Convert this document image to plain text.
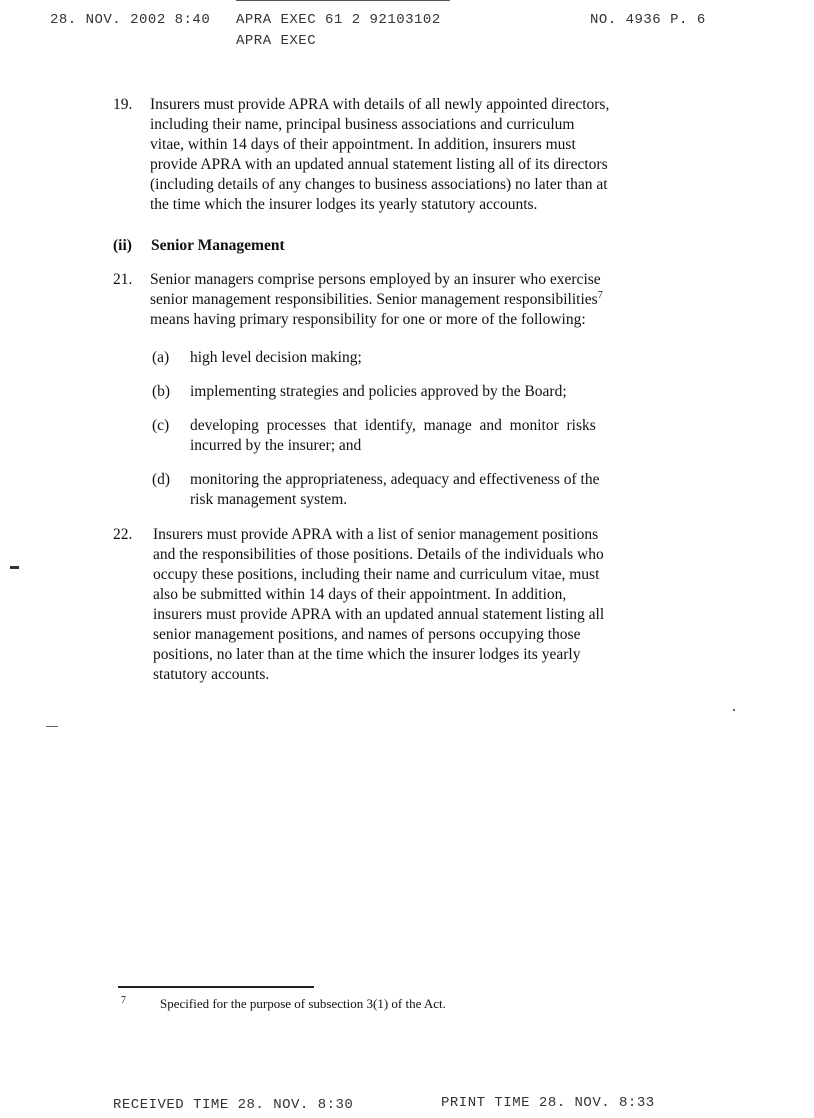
28. NOV. 2002 8:40 APRA EXEC 61 2 92103102
APRA EXEC
NO. 4936 P. 6
19. Insurers must provide APRA with details of all newly appointed directors,
including their name, principal business associations and curriculum
vitae, within 14 days of their appointment. In addition, insurers must
provide APRA with an updated annual statement listing all of its directors
(including details of any changes to business associations) no later than at
the time which the insurer lodges its yearly statutory accounts.
(ii) Senior Management
21. Senior managers comprise persons employed by an insurer who exercise
senior management responsibilities. Senior management responsibilities$^7$
means having primary responsibility for one or more of the following:
(a) high level decision making;
(b) implementing strategies and policies approved by the Board;
(c) developing  processes  that  identify,  manage  and  monitor  risks
incurred by the insurer; and
(d) monitoring the appropriateness, adequacy and effectiveness of the
risk management system.
22. Insurers must provide APRA with a list of senior management positions
and the responsibilities of those positions. Details of the individuals who
occupy these positions, including their name and curriculum vitae, must
also be submitted within 14 days of their appointment. In addition,
insurers must provide APRA with an updated annual statement listing all
senior management positions, and names of persons occupying those
positions, no later than at the time which the insurer lodges its yearly
statutory accounts.
7	Specified for the purpose of subsection 3(1) of the Act.
RECEIVED TIME 28. NOV. 8:30	PRINT TIME 28. NOV. 8:33
